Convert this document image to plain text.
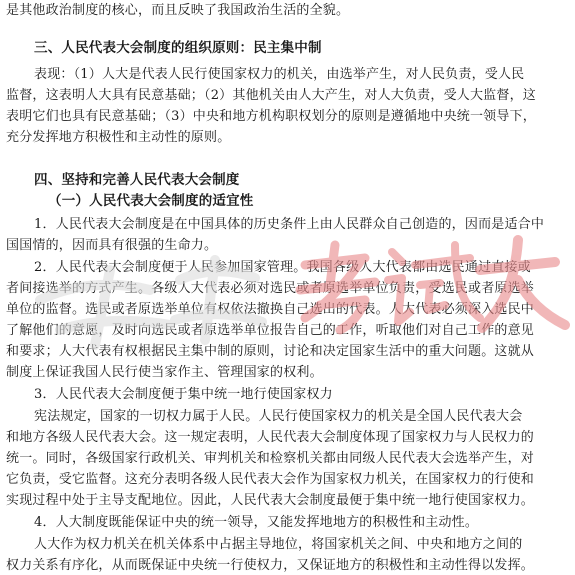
是其他政治制度的核心，而且反映了我国政治生活的全貌。
三、人民代表大会制度的组织原则：民主集中制
表现：（1）人大是代表人民行使国家权力的机关，由选举产生，对人民负责，受人民
监督，这表明人大具有民意基础；（2）其他机关由人大产生，对人大负责，受人大监督，这
表明它们也具有民意基础；（3）中央和地方机构职权划分的原则是遵循地中央统一领导下，
充分发挥地方积极性和主动性的原则。
四、坚持和完善人民代表大会制度
（一）人民代表大会制度的适宜性
1．人民代表大会制度是在中国具体的历史条件上由人民群众自己创造的，因而是适合中
国国情的，因而具有很强的生命力。
2．人民代表大会制度便于人民参加国家管理。我国各级人大代表都由选民通过直接或
者间接选举的方式产生。各级人大代表必须对选民或者原选举单位负责，受选民或者原选举
单位的监督。选民或者原选举单位有权依法撤换自己选出的代表。人大代表必须深入选民中
了解他们的意愿，及时向选民或者原选举单位报告自己的工作，听取他们对自己工作的意见
和要求；人大代表有权根据民主集中制的原则，讨论和决定国家生活中的重大问题。这就从
制度上保证我国人民行使当家作主、管理国家的权利。
3．人民代表大会制度便于集中统一地行使国家权力
宪法规定，国家的一切权力属于人民。人民行使国家权力的机关是全国人民代表大会
和地方各级人民代表大会。这一规定表明，人民代表大会制度体现了国家权力与人民权力的
统一。同时，各级国家行政机关、审判机关和检察机关都由同级人民代表大会选举产生，对
它负责，受它监督。这充分表明各级人民代表大会作为国家权力机关，在国家权力的行使和
实现过程中处于主导支配地位。因此，人民代表大会制度最便于集中统一地行使国家权力。
4．人大制度既能保证中央的统一领导，又能发挥地地方的积极性和主动性。
人大作为权力机关在机关体系中占据主导地位，将国家机关之间、中央和地方之间的
权力关系有序化，从而既保证中央统一行使权力，又保证地方的积极性和主动性得以发挥。
